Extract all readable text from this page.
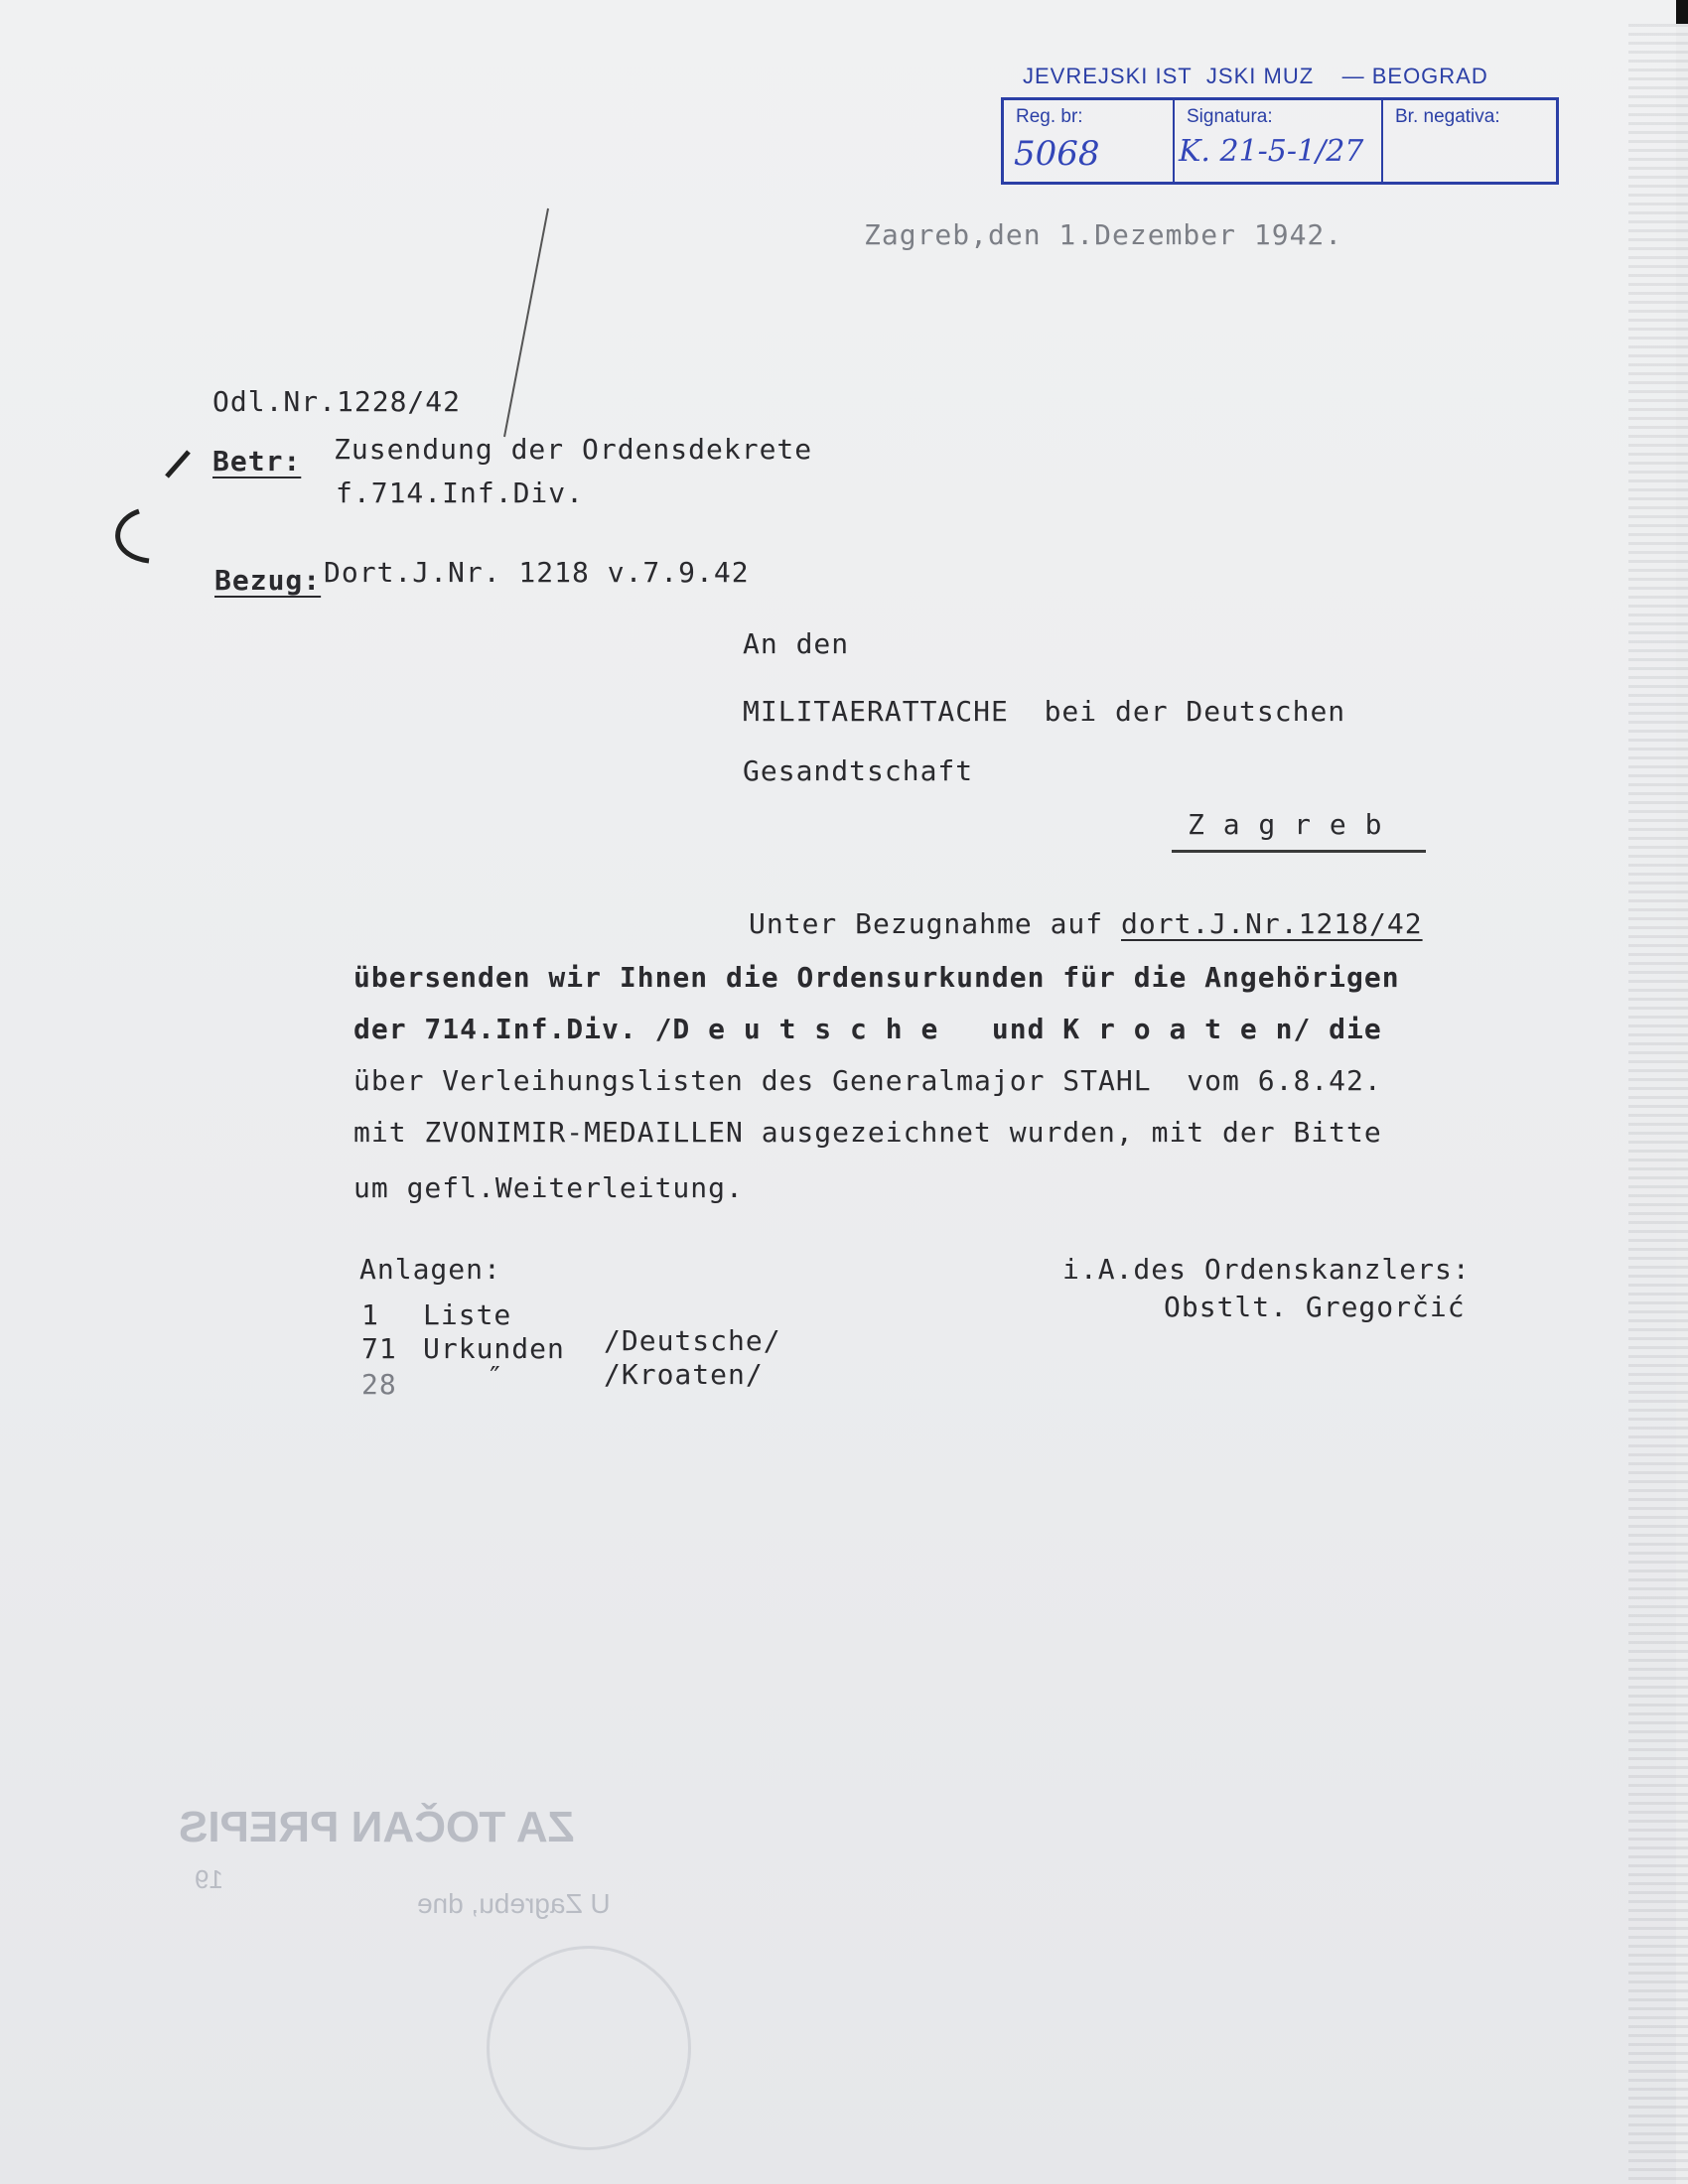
JEVREJSKI IST  JSKI MUZ    — BEOGRAD
Reg. br:
5068
Signatura:
K. 21-5-1/27
Br. negativa:
Zagreb,den 1.Dezember 1942.
Odl.Nr.1228/42
Betr: Zusendung der Ordensdekrete
f.714.Inf.Div.
Bezug: Dort.J.Nr. 1218 v.7.9.42
An den
MILITAERATTACHE  bei der Deutschen
Gesandtschaft
Z a g r e b
Unter Bezugnahme auf dort.J.Nr.1218/42
übersenden wir Ihnen die Ordensurkunden für die Angehörigen
der 714.Inf.Div. /D e u t s c h e   und K r o a t e n/ die
über Verleihungslisten des Generalmajor STAHL  vom 6.8.42.
mit ZVONIMIR-MEDAILLEN ausgezeichnet wurden, mit der Bitte
um gefl.Weiterleitung.
Anlagen:
1 Liste
71 Urkunden /Deutsche/
28	″	/Kroaten/
i.A.des Ordenskanzlers:
Obstlt. Gregorčić
ZA TOČAN PREPIS
U Zagrebu, dne
19
